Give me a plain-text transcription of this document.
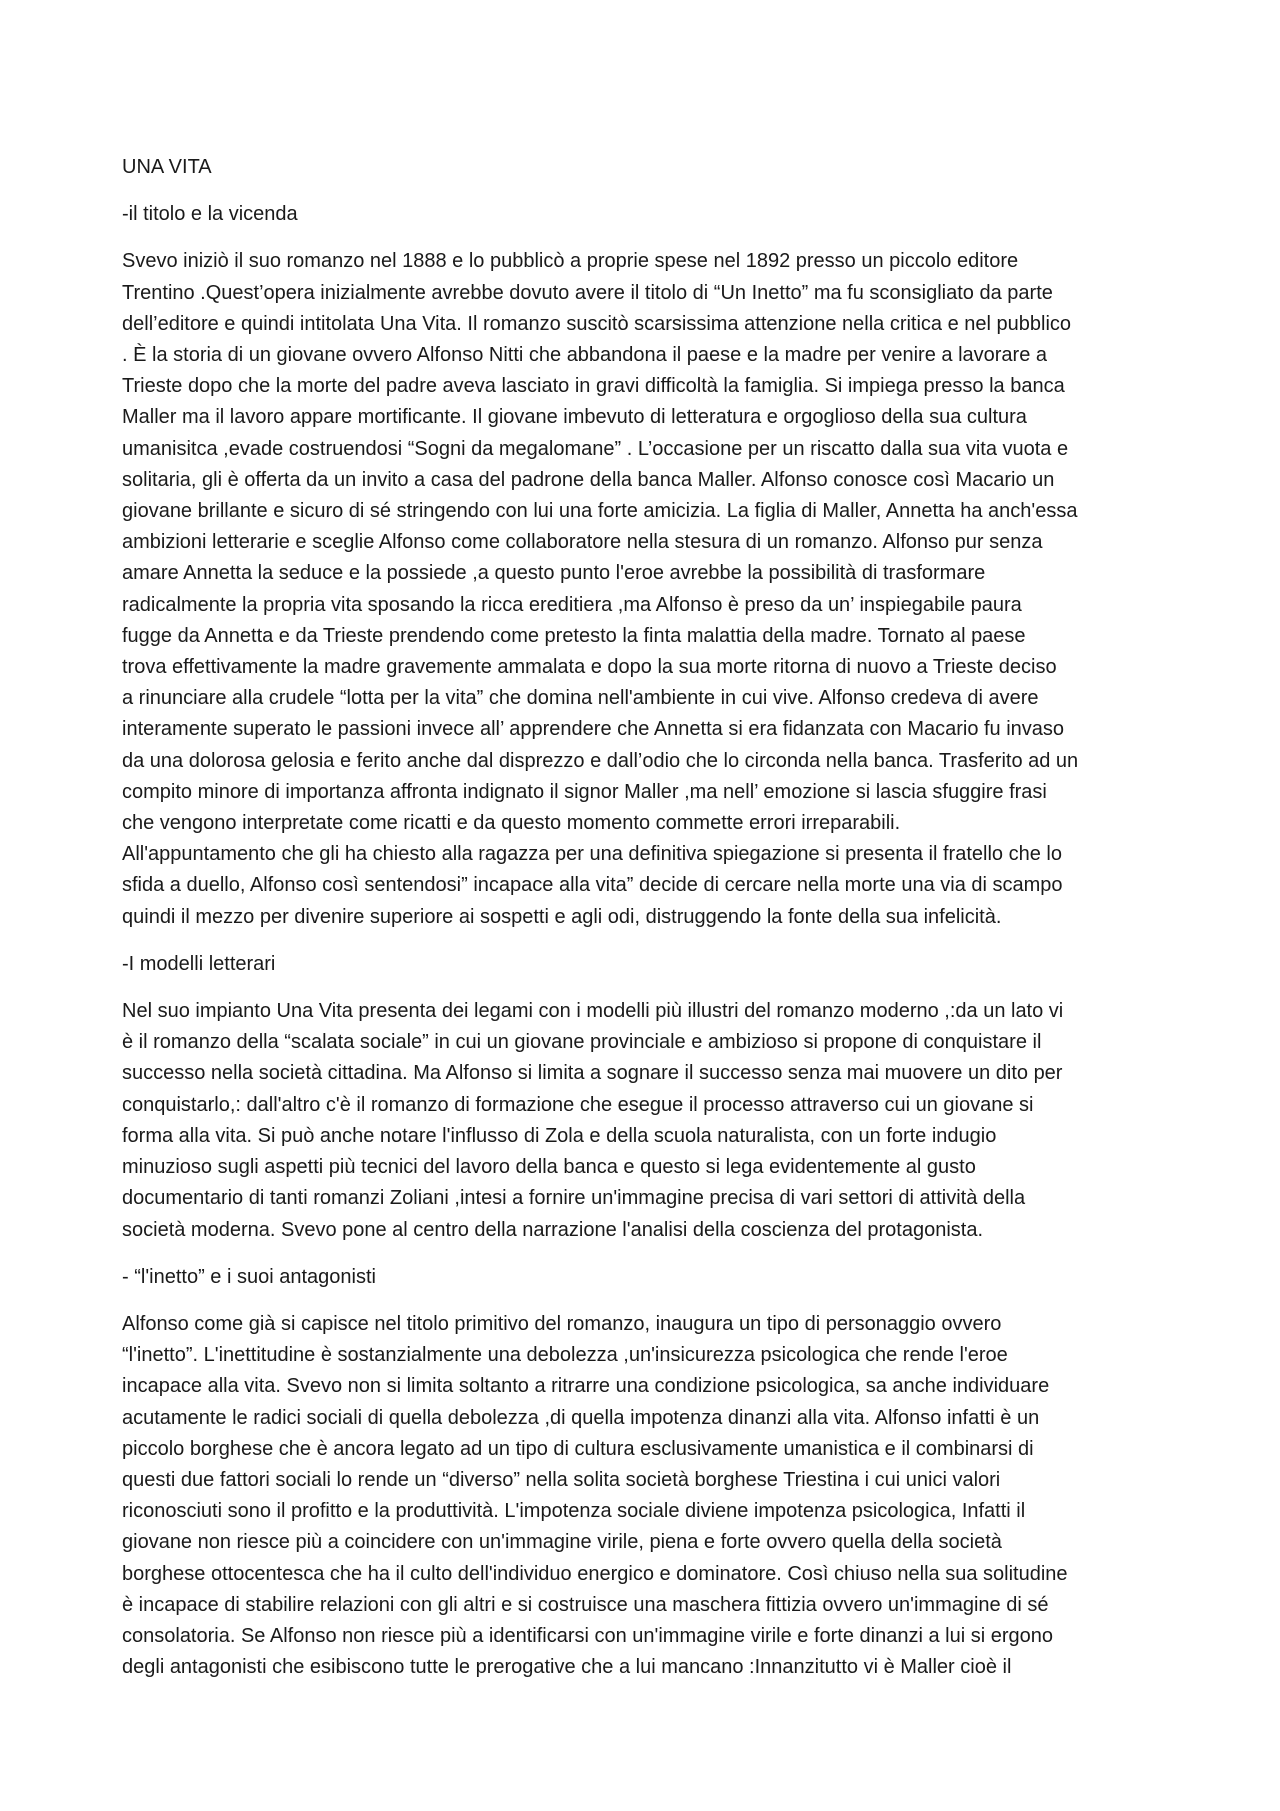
UNA VITA
-il titolo e la vicenda
Svevo iniziò il suo romanzo nel 1888 e lo pubblicò a proprie spese nel 1892 presso un piccolo editore
Trentino .Quest’opera inizialmente avrebbe dovuto avere il titolo di “Un Inetto” ma fu sconsigliato da parte
dell’editore e quindi intitolata Una Vita. Il romanzo suscitò scarsissima attenzione nella critica e nel pubblico
. È la storia di un giovane ovvero Alfonso Nitti che abbandona il paese e la madre per venire a lavorare a
Trieste dopo che la morte del padre aveva lasciato in gravi difficoltà la famiglia. Si impiega presso la banca
Maller ma il lavoro appare mortificante. Il giovane imbevuto di letteratura e orgoglioso della sua cultura
umanisitca ,evade costruendosi “Sogni da megalomane” . L’occasione per un riscatto dalla sua vita vuota e
solitaria, gli è offerta da un invito a casa del padrone della banca Maller. Alfonso conosce così Macario un
giovane brillante e sicuro di sé stringendo con lui una forte amicizia. La figlia di Maller, Annetta ha anch'essa
ambizioni letterarie e sceglie Alfonso come collaboratore nella stesura di un romanzo. Alfonso pur senza
amare Annetta la seduce e la possiede ,a questo punto l'eroe avrebbe la possibilità di trasformare
radicalmente la propria vita sposando la ricca ereditiera ,ma Alfonso è preso da un’ inspiegabile paura
fugge da Annetta e da Trieste prendendo come pretesto la finta malattia della madre. Tornato al paese
trova effettivamente la madre gravemente ammalata e dopo la sua morte ritorna di nuovo a Trieste deciso
a rinunciare alla crudele “lotta per la vita” che domina nell'ambiente in cui vive. Alfonso credeva di avere
interamente superato le passioni invece all’ apprendere che Annetta si era fidanzata con Macario fu invaso
da una dolorosa gelosia e ferito anche dal disprezzo e dall’odio che lo circonda nella banca. Trasferito ad un
compito minore di importanza affronta indignato il signor Maller ,ma nell’ emozione si lascia sfuggire frasi
che vengono interpretate come ricatti e da questo momento commette errori irreparabili.
All'appuntamento che gli ha chiesto alla ragazza per una definitiva spiegazione si presenta il fratello che lo
sfida a duello, Alfonso così sentendosi” incapace alla vita” decide di cercare nella morte una via di scampo
quindi il mezzo per divenire superiore ai sospetti e agli odi, distruggendo la fonte della sua infelicità.
-I modelli letterari
Nel suo impianto Una Vita presenta dei legami con i modelli più illustri del romanzo moderno ,:da un lato vi
è il romanzo della “scalata sociale” in cui un giovane provinciale e ambizioso si propone di conquistare il
successo nella società cittadina. Ma Alfonso si limita a sognare il successo senza mai muovere un dito per
conquistarlo,: dall'altro c'è il romanzo di formazione che esegue il processo attraverso cui un giovane si
forma alla vita. Si può anche notare l'influsso di Zola e della scuola naturalista, con un forte indugio
minuzioso sugli aspetti più tecnici del lavoro della banca e questo si lega evidentemente al gusto
documentario di tanti romanzi Zoliani ,intesi a fornire un'immagine precisa di vari settori di attività della
società moderna. Svevo pone al centro della narrazione l'analisi della coscienza del protagonista.
- “l'inetto” e i suoi antagonisti
Alfonso come già si capisce nel titolo primitivo del romanzo, inaugura un tipo di personaggio ovvero
“l'inetto”. L'inettitudine è sostanzialmente una debolezza ,un'insicurezza psicologica che rende l'eroe
incapace alla vita. Svevo non si limita soltanto a ritrarre una condizione psicologica, sa anche individuare
acutamente le radici sociali di quella debolezza ,di quella impotenza dinanzi alla vita. Alfonso infatti è un
piccolo borghese che è ancora legato ad un tipo di cultura esclusivamente umanistica e il combinarsi di
questi due fattori sociali lo rende un “diverso” nella solita società borghese Triestina i cui unici valori
riconosciuti sono il profitto e la produttività. L'impotenza sociale diviene impotenza psicologica, Infatti il
giovane non riesce più a coincidere con un'immagine virile, piena e forte ovvero quella della società
borghese ottocentesca che ha il culto dell'individuo energico e dominatore. Così chiuso nella sua solitudine
è incapace di stabilire relazioni con gli altri e si costruisce una maschera fittizia ovvero un'immagine di sé
consolatoria. Se Alfonso non riesce più a identificarsi con un'immagine virile e forte dinanzi a lui si ergono
degli antagonisti che esibiscono tutte le prerogative che a lui mancano :Innanzitutto vi è Maller cioè il
